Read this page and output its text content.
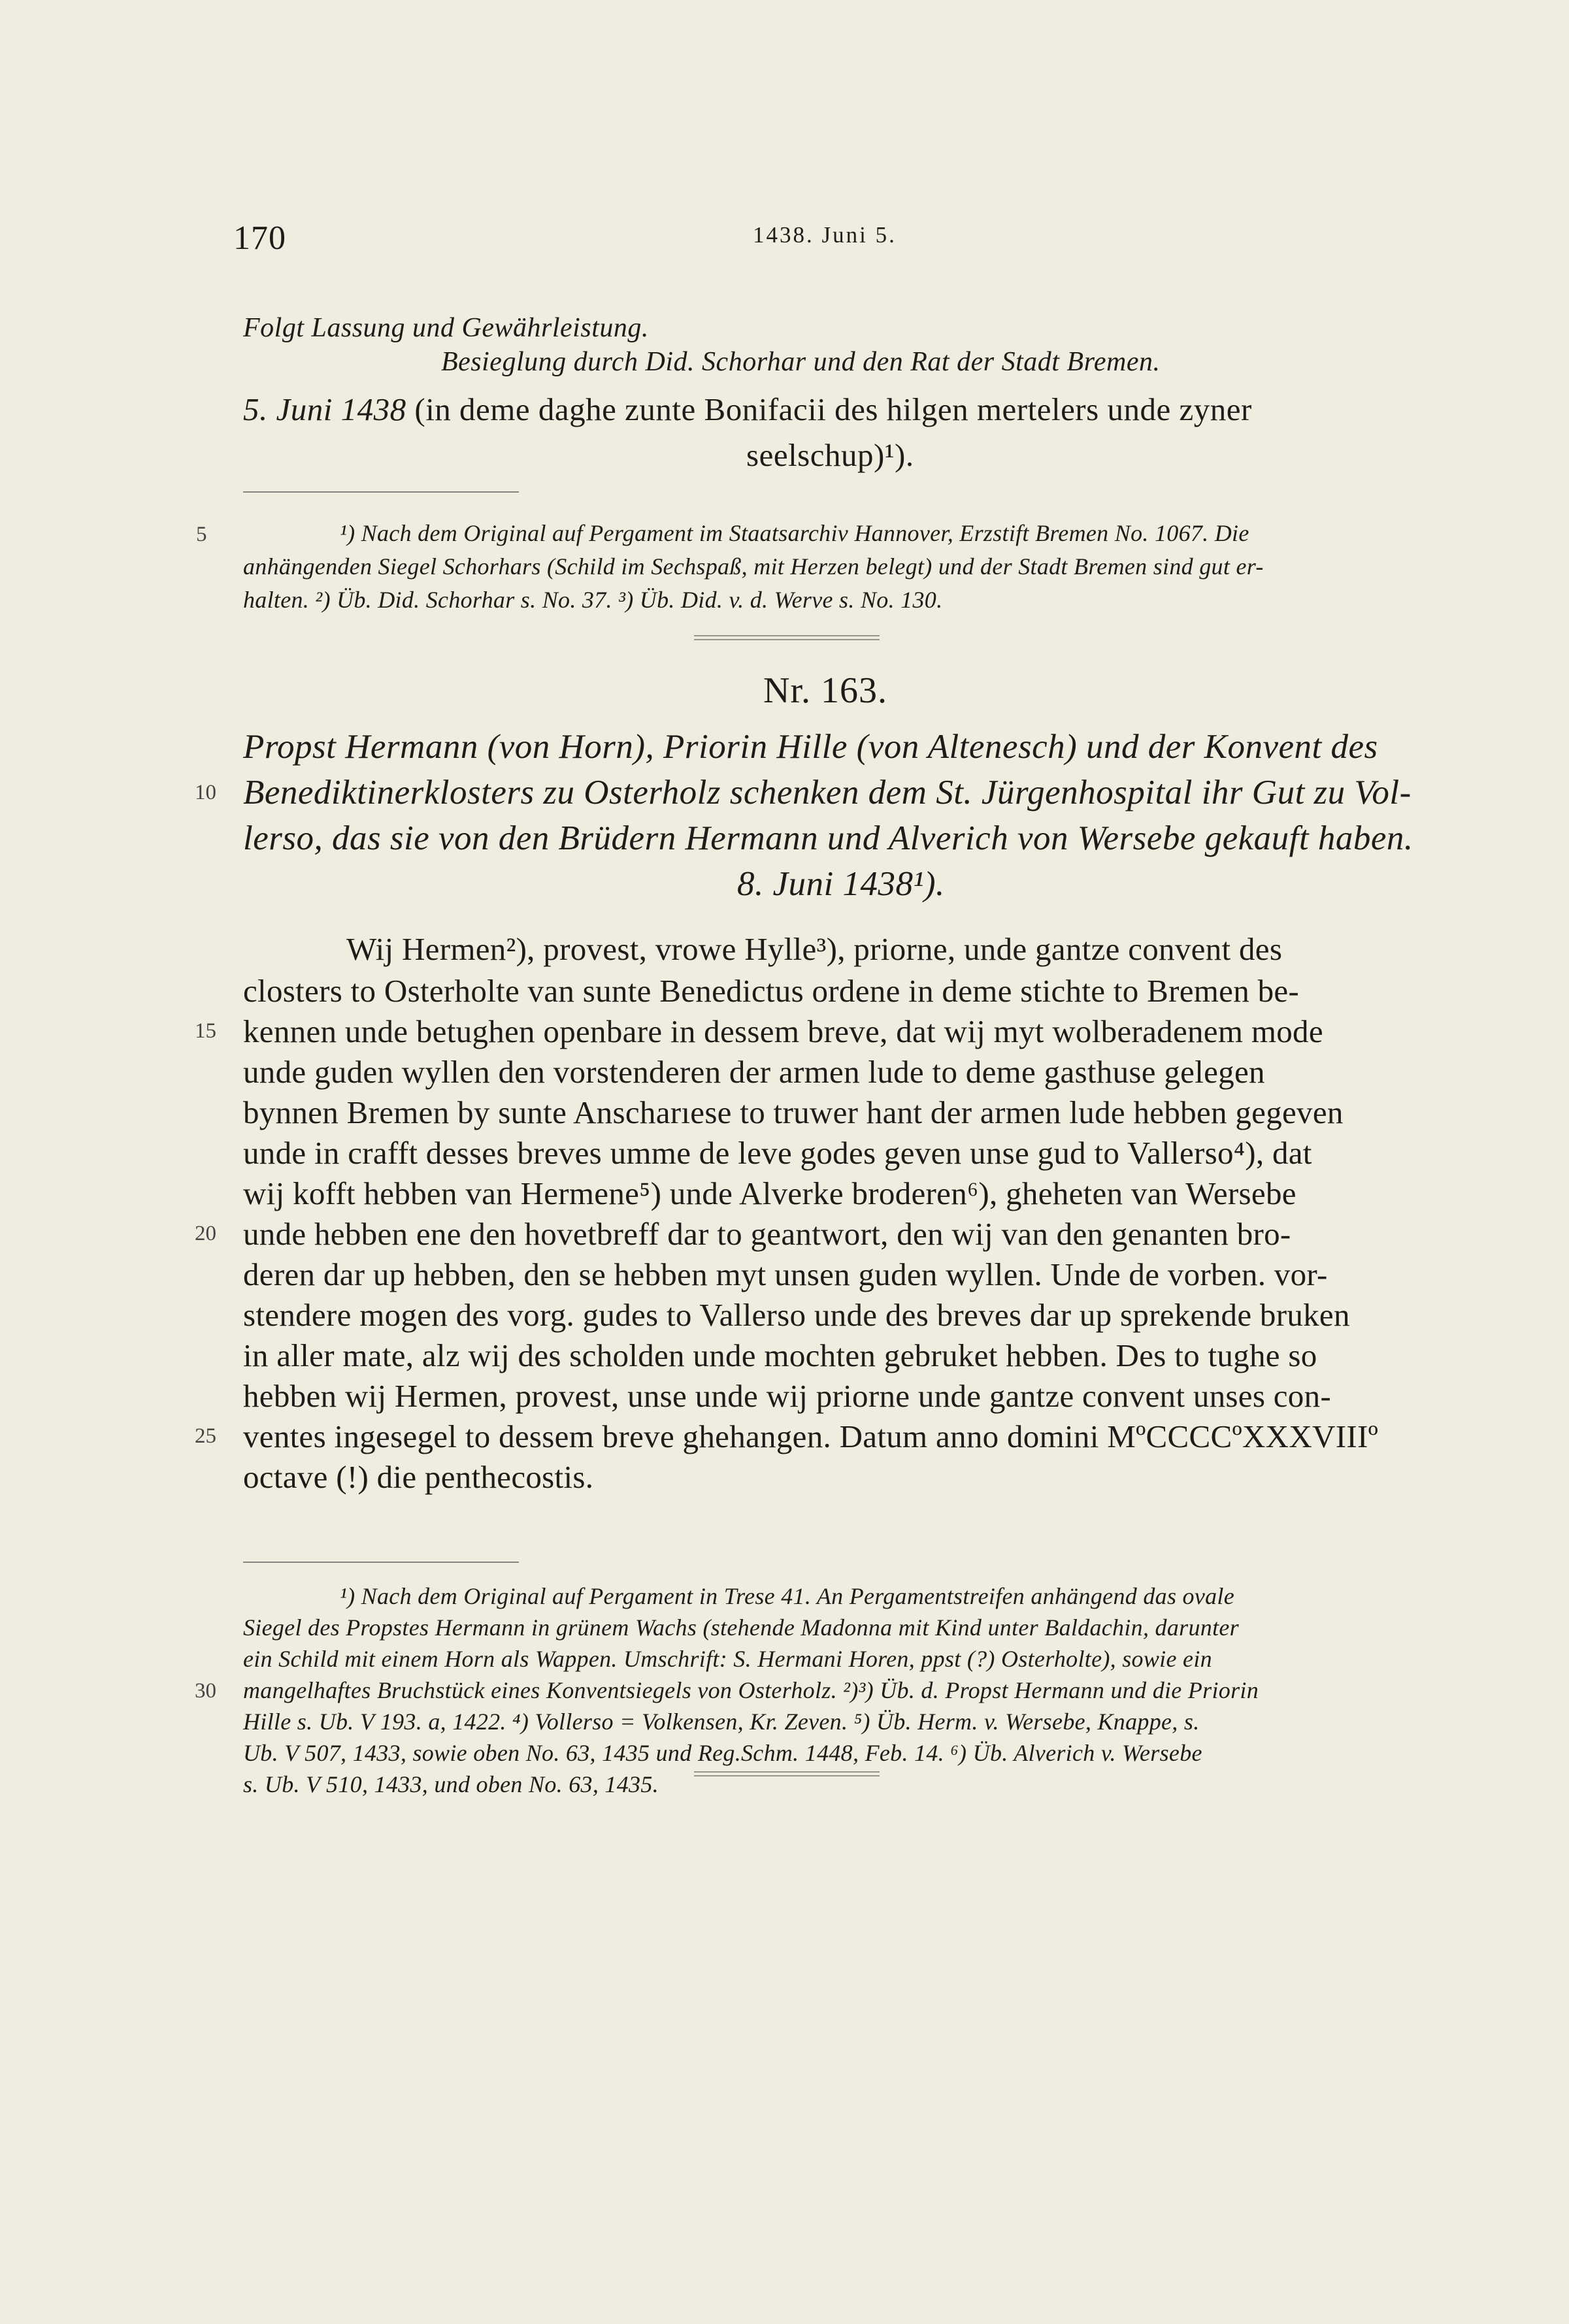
170	1438. Juni 5.
Folgt Lassung und Gewährleistung.
Besieglung durch Did. Schorhar und den Rat der Stadt Bremen.
5. Juni 1438 (in deme daghe zunte Bonifacii des hilgen mertelers unde zyner
seelschup)¹).
5	¹) Nach dem Original auf Pergament im Staatsarchiv Hannover, Erzstift Bremen No. 1067. Die
anhängenden Siegel Schorhars (Schild im Sechspaß, mit Herzen belegt) und der Stadt Bremen sind gut er-
halten. ²) Üb. Did. Schorhar s. No. 37. ³) Üb. Did. v. d. Werve s. No. 130.
Nr. 163.
Propst Hermann (von Horn), Priorin Hille (von Altenesch) und der Konvent des
10 Benediktinerklosters zu Osterholz schenken dem St. Jürgenhospital ihr Gut zu Vol-
lerso, das sie von den Brüdern Hermann und Alverich von Wersebe gekauft haben.
8. Juni 1438¹).
Wij Hermen²), provest, vrowe Hylle³), priorne, unde gantze convent des
closters to Osterholte van sunte Benedictus ordene in deme stichte to Bremen be-
15 kennen unde betughen openbare in dessem breve, dat wij myt wolberadenem mode
unde guden wyllen den vorstenderen der armen lude to deme gasthuse gelegen
bynnen Bremen by sunte Anscharıese to truwer hant der armen lude hebben gegeven
unde in crafft desses breves umme de leve godes geven unse gud to Vallerso⁴), dat
wij kofft hebben van Hermene⁵) unde Alverke broderen⁶), gheheten van Wersebe
20 unde hebben ene den hovetbreff dar to geantwort, den wij van den genanten bro-
deren dar up hebben, den se hebben myt unsen guden wyllen. Unde de vorben. vor-
stendere mogen des vorg. gudes to Vallerso unde des breves dar up sprekende bruken
in aller mate, alz wij des scholden unde mochten gebruket hebben. Des to tughe so
hebben wij Hermen, provest, unse unde wij priorne unde gantze convent unses con-
25 ventes ingesegel to dessem breve ghehangen. Datum anno domini MºCCCCºXXXVIIIº
octave (!) die penthecostis.
¹) Nach dem Original auf Pergament in Trese 41. An Pergamentstreifen anhängend das ovale
Siegel des Propstes Hermann in grünem Wachs (stehende Madonna mit Kind unter Baldachin, darunter
ein Schild mit einem Horn als Wappen. Umschrift: S. Hermani Horen, ppst (?) Osterholte), sowie ein
30 mangelhaftes Bruchstück eines Konventsiegels von Osterholz. ²)³) Üb. d. Propst Hermann und die Priorin
Hille s. Ub. V 193. a, 1422. ⁴) Vollerso = Volkensen, Kr. Zeven. ⁵) Üb. Herm. v. Wersebe, Knappe, s.
Ub. V 507, 1433, sowie oben No. 63, 1435 und Reg.Schm. 1448, Feb. 14. ⁶) Üb. Alverich v. Wersebe
s. Ub. V 510, 1433, und oben No. 63, 1435.
